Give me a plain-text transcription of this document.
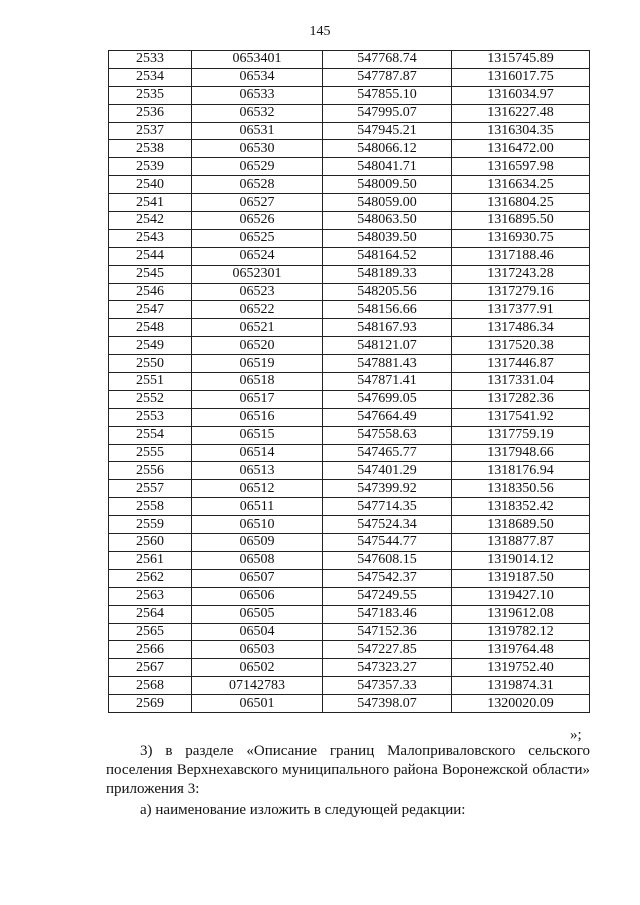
145
2533	0653401	547768.74	1315745.89
2534	06534	547787.87	1316017.75
2535	06533	547855.10	1316034.97
2536	06532	547995.07	1316227.48
2537	06531	547945.21	1316304.35
2538	06530	548066.12	1316472.00
2539	06529	548041.71	1316597.98
2540	06528	548009.50	1316634.25
2541	06527	548059.00	1316804.25
2542	06526	548063.50	1316895.50
2543	06525	548039.50	1316930.75
2544	06524	548164.52	1317188.46
2545	0652301	548189.33	1317243.28
2546	06523	548205.56	1317279.16
2547	06522	548156.66	1317377.91
2548	06521	548167.93	1317486.34
2549	06520	548121.07	1317520.38
2550	06519	547881.43	1317446.87
2551	06518	547871.41	1317331.04
2552	06517	547699.05	1317282.36
2553	06516	547664.49	1317541.92
2554	06515	547558.63	1317759.19
2555	06514	547465.77	1317948.66
2556	06513	547401.29	1318176.94
2557	06512	547399.92	1318350.56
2558	06511	547714.35	1318352.42
2559	06510	547524.34	1318689.50
2560	06509	547544.77	1318877.87
2561	06508	547608.15	1319014.12
2562	06507	547542.37	1319187.50
2563	06506	547249.55	1319427.10
2564	06505	547183.46	1319612.08
2565	06504	547152.36	1319782.12
2566	06503	547227.85	1319764.48
2567	06502	547323.27	1319752.40
2568	07142783	547357.33	1319874.31
2569	06501	547398.07	1320020.09
»;
3) в разделе «Описание границ Малоприваловского сельского поселения Верхнехавского муниципального района Воронежской области» приложения 3:
а) наименование изложить в следующей редакции:
